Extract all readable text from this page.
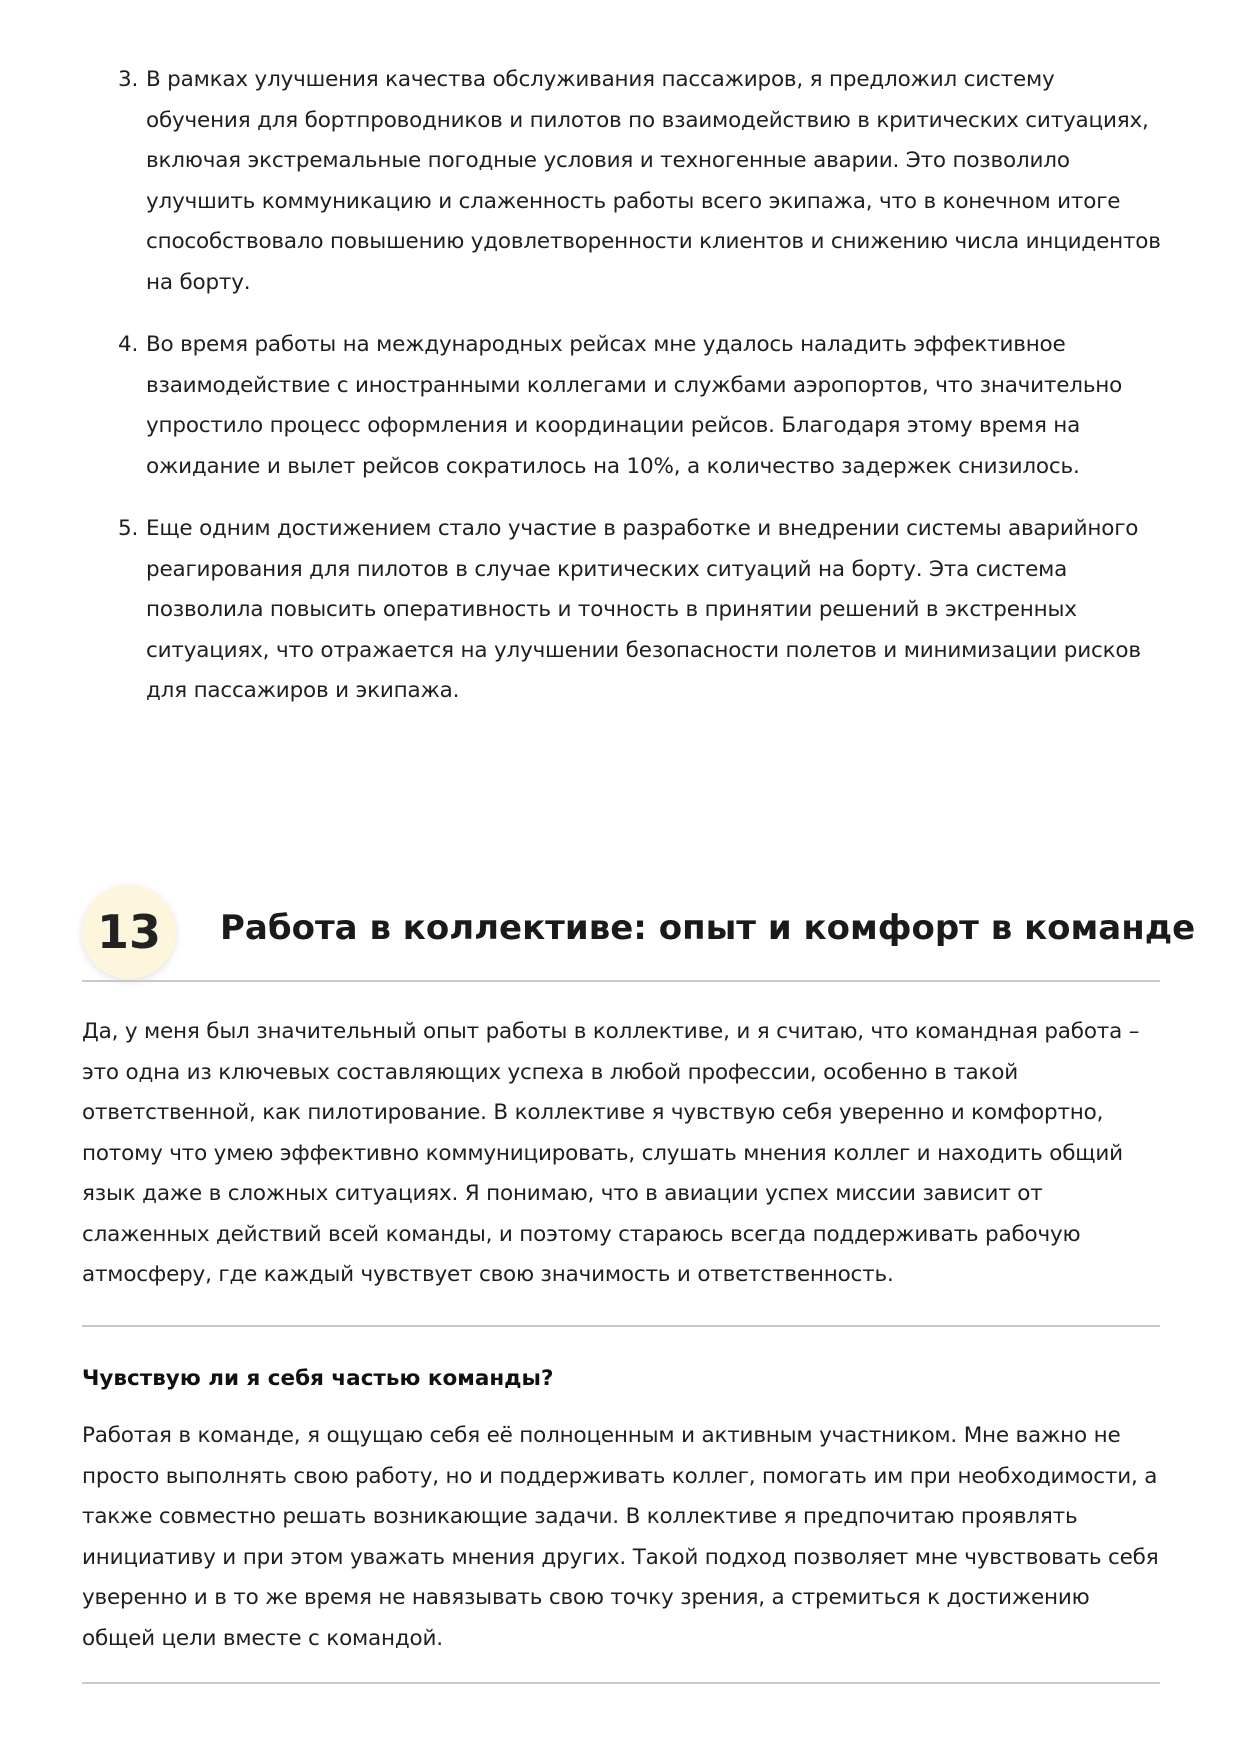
3. В рамках улучшения качества обслуживания пассажиров, я предложил систему обучения для бортпроводников и пилотов по взаимодействию в критических ситуациях, включая экстремальные погодные условия и техногенные аварии. Это позволило улучшить коммуникацию и слаженность работы всего экипажа, что в конечном итоге способствовало повышению удовлетворенности клиентов и снижению числа инцидентов на борту.
4. Во время работы на международных рейсах мне удалось наладить эффективное взаимодействие с иностранными коллегами и службами аэропортов, что значительно упростило процесс оформления и координации рейсов. Благодаря этому время на ожидание и вылет рейсов сократилось на 10%, а количество задержек снизилось.
5. Еще одним достижением стало участие в разработке и внедрении системы аварийного реагирования для пилотов в случае критических ситуаций на борту. Эта система позволила повысить оперативность и точность в принятии решений в экстренных ситуациях, что отражается на улучшении безопасности полетов и минимизации рисков для пассажиров и экипажа.
13	Работа в коллективе: опыт и комфорт в команде

Да, у меня был значительный опыт работы в коллективе, и я считаю, что командная работа – это одна из ключевых составляющих успеха в любой профессии, особенно в такой ответственной, как пилотирование. В коллективе я чувствую себя уверенно и комфортно, потому что умею эффективно коммуницировать, слушать мнения коллег и находить общий язык даже в сложных ситуациях. Я понимаю, что в авиации успех миссии зависит от слаженных действий всей команды, и поэтому стараюсь всегда поддерживать рабочую атмосферу, где каждый чувствует свою значимость и ответственность.

Чувствую ли я себя частью команды?

Работая в команде, я ощущаю себя её полноценным и активным участником. Мне важно не просто выполнять свою работу, но и поддерживать коллег, помогать им при необходимости, а также совместно решать возникающие задачи. В коллективе я предпочитаю проявлять инициативу и при этом уважать мнения других. Такой подход позволяет мне чувствовать себя уверенно и в то же время не навязывать свою точку зрения, а стремиться к достижению общей цели вместе с командой.
